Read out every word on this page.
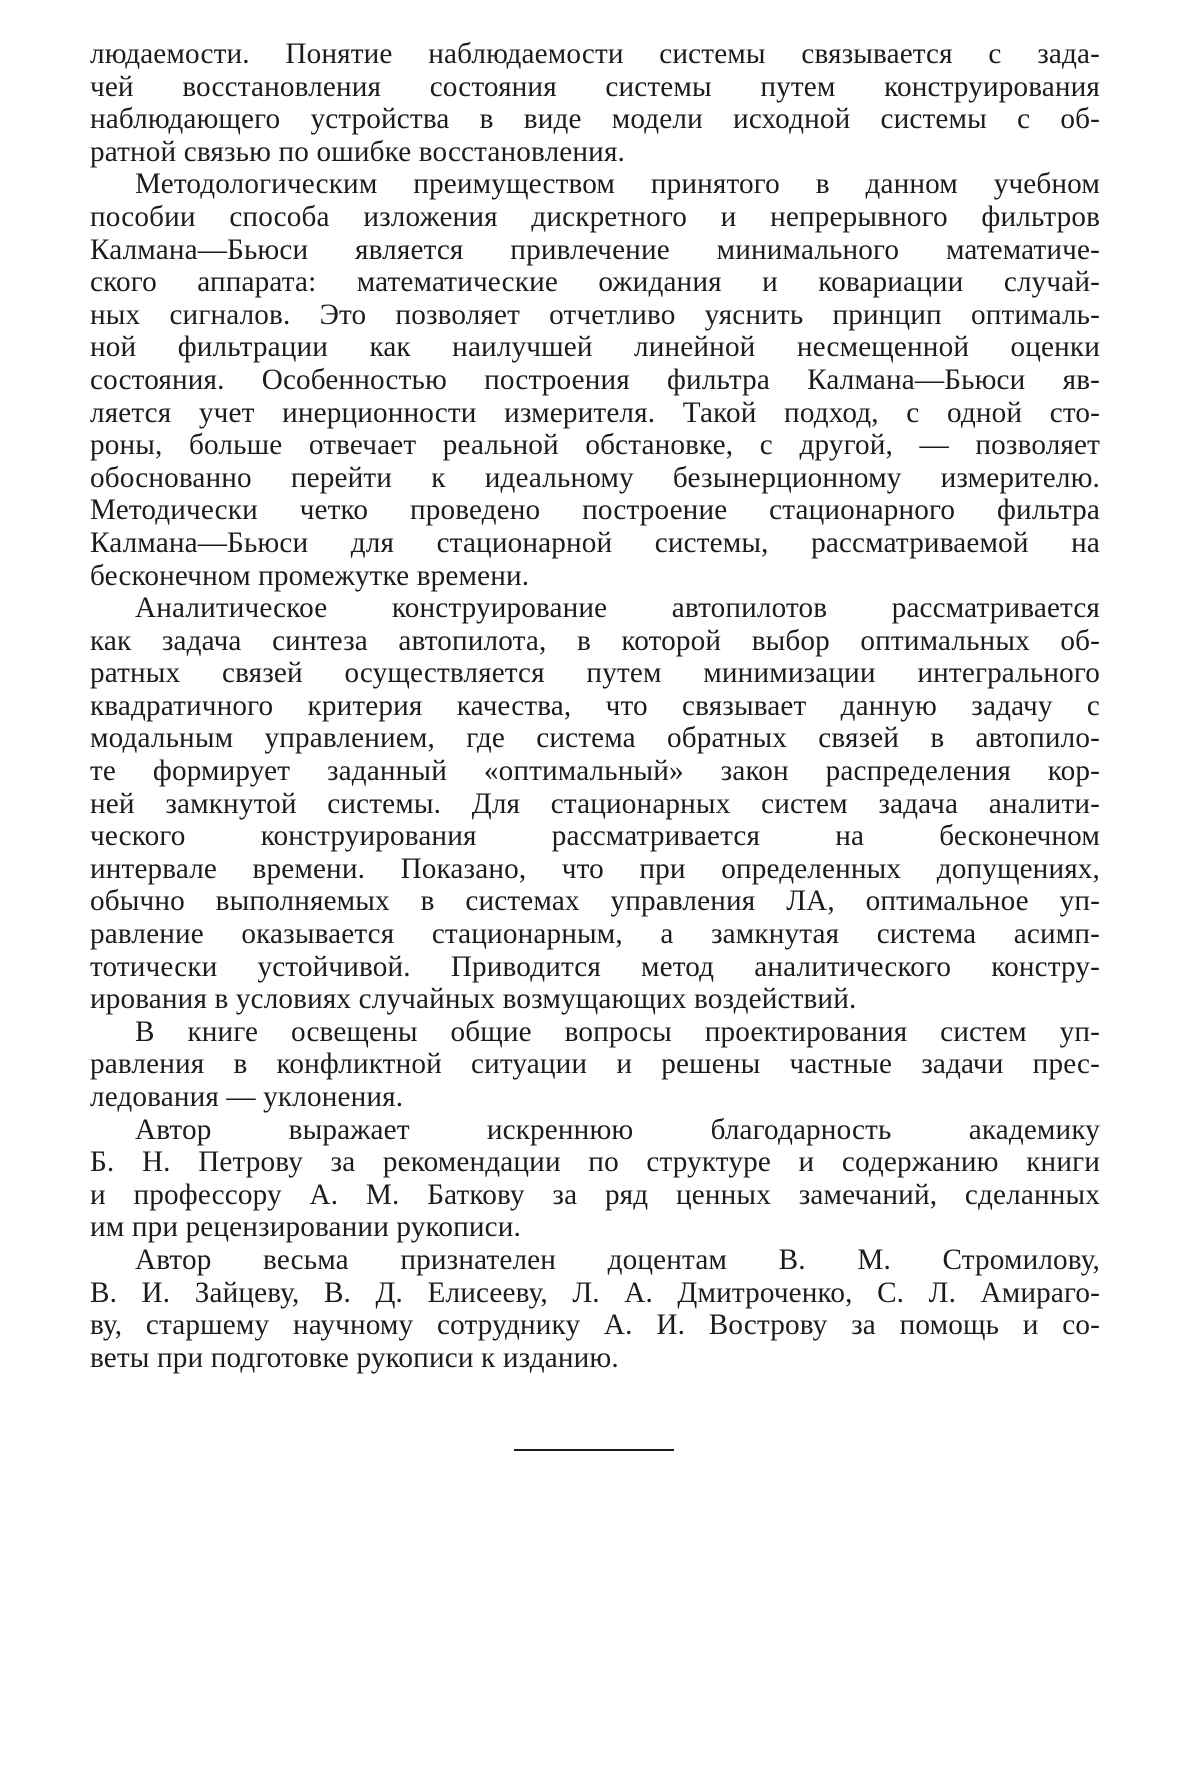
людаемости. Понятие наблюдаемости системы связывается с зада-
чей восстановления состояния системы путем конструирования
наблюдающего устройства в виде модели исходной системы с об-
ратной связью по ошибке восстановления.

Методологическим преимуществом принятого в данном учебном
пособии способа изложения дискретного и непрерывного фильтров
Калмана—Бьюси является привлечение минимального математиче-
ского аппарата: математические ожидания и ковариации случай-
ных сигналов. Это позволяет отчетливо уяснить принцип оптималь-
ной фильтрации как наилучшей линейной несмещенной оценки
состояния. Особенностью построения фильтра Калмана—Бьюси яв-
ляется учет инерционности измерителя. Такой подход, с одной сто-
роны, больше отвечает реальной обстановке, с другой, — позволяет
обоснованно перейти к идеальному безынерционному измерителю.
Методически четко проведено построение стационарного фильтра
Калмана—Бьюси для стационарной системы, рассматриваемой на
бесконечном промежутке времени.

Аналитическое конструирование автопилотов рассматривается
как задача синтеза автопилота, в которой выбор оптимальных об-
ратных связей осуществляется путем минимизации интегрального
квадратичного критерия качества, что связывает данную задачу с
модальным управлением, где система обратных связей в автопило-
те формирует заданный «оптимальный» закон распределения кор-
ней замкнутой системы. Для стационарных систем задача аналити-
ческого конструирования рассматривается на бесконечном
интервале времени. Показано, что при определенных допущениях,
обычно выполняемых в системах управления ЛА, оптимальное уп-
равление оказывается стационарным, а замкнутая система асимп-
тотически устойчивой. Приводится метод аналитического констру-
ирования в условиях случайных возмущающих воздействий.

В книге освещены общие вопросы проектирования систем уп-
равления в конфликтной ситуации и решены частные задачи прес-
ледования — уклонения.

Автор выражает искреннюю благодарность академику
Б. Н. Петрову за рекомендации по структуре и содержанию книги
и профессору А. М. Баткову за ряд ценных замечаний, сделанных
им при рецензировании рукописи.

Автор весьма признателен доцентам В. М. Стромилову,
В. И. Зайцеву, В. Д. Елисееву, Л. А. Дмитроченко, С. Л. Амираго-
ву, старшему научному сотруднику А. И. Вострову за помощь и со-
веты при подготовке рукописи к изданию.
